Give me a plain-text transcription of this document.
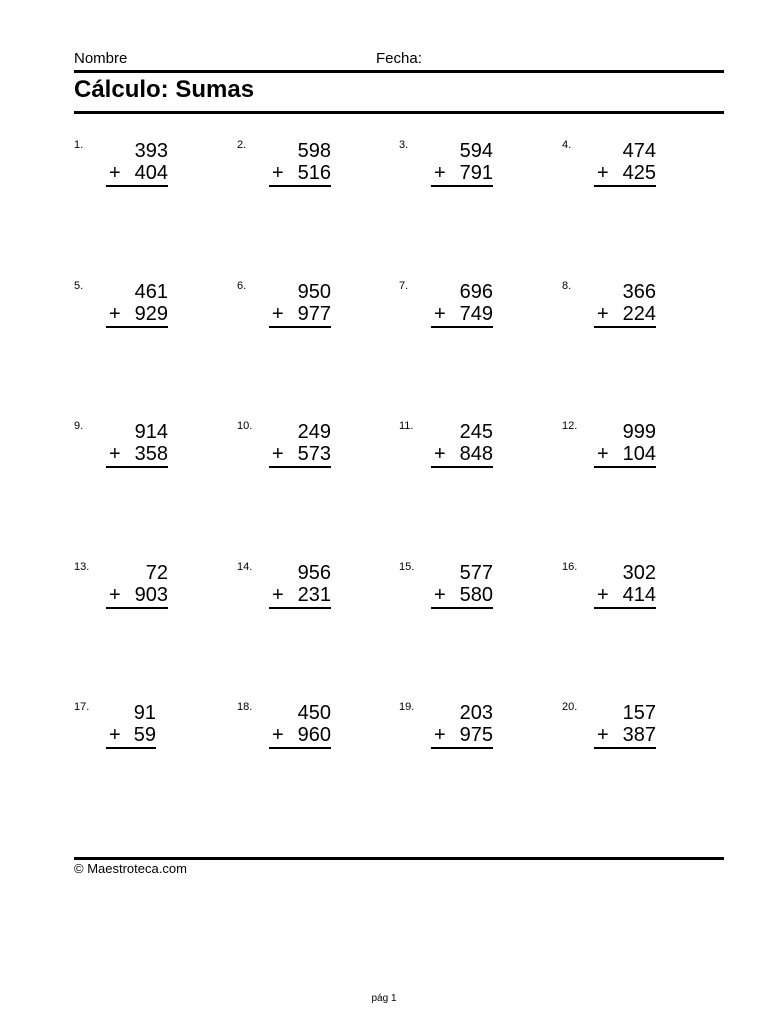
Nombre	Fecha:
Cálculo: Sumas
1.	393
+ 404
2.	598
+ 516
3.	594
+ 791
4.	474
+ 425
5.	461
+ 929
6.	950
+ 977
7.	696
+ 749
8.	366
+ 224
9.	914
+ 358
10. 249
+ 573
11. 245
+ 848
12. 999
+ 104
13.	72
+ 903
14. 956
+ 231
15. 577
+ 580
16. 302
+ 414
17. 91
+ 59
18. 450
+ 960
19. 203
+ 975
20. 157
+ 387
© Maestroteca.com
pág 1
